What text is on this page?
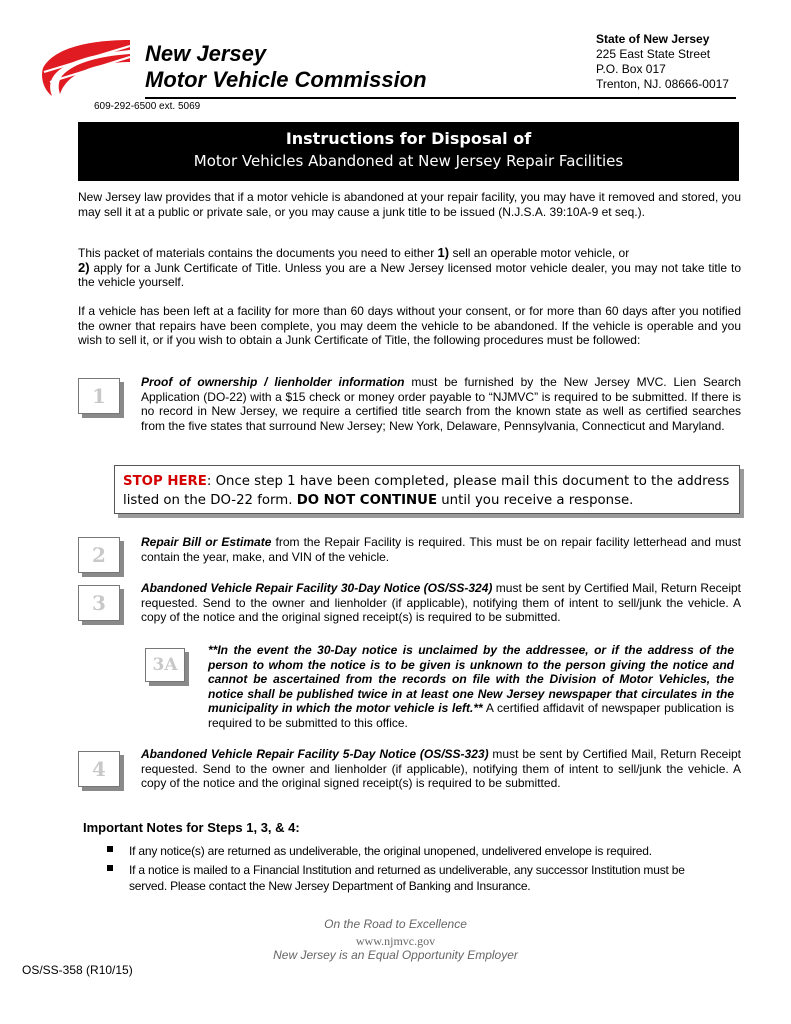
New Jersey
Motor Vehicle Commission
State of New Jersey
225 East State Street
P.O. Box 017
Trenton, NJ. 08666-0017
609-292-6500 ext. 5069
Instructions for Disposal of
Motor Vehicles Abandoned at New Jersey Repair Facilities
New Jersey law provides that if a motor vehicle is abandoned at your repair facility, you may have it removed and stored, you may sell it at a public or private sale, or you may cause a junk title to be issued (N.J.S.A. 39:10A-9 et seq.).
This packet of materials contains the documents you need to either 1) sell an operable motor vehicle, or
2) apply for a Junk Certificate of Title. Unless you are a New Jersey licensed motor vehicle dealer, you may not take title to the vehicle yourself.
If a vehicle has been left at a facility for more than 60 days without your consent, or for more than 60 days after you notified the owner that repairs have been complete, you may deem the vehicle to be abandoned. If the vehicle is operable and you wish to sell it, or if you wish to obtain a Junk Certificate of Title, the following procedures must be followed:
1
Proof of ownership / lienholder information must be furnished by the New Jersey MVC. Lien Search Application (DO-22) with a $15 check or money order payable to “NJMVC” is required to be submitted. If there is no record in New Jersey, we require a certified title search from the known state as well as certified searches from the five states that surround New Jersey; New York, Delaware, Pennsylvania, Connecticut and Maryland.
STOP HERE: Once step 1 have been completed, please mail this document to the address listed on the DO-22 form. DO NOT CONTINUE until you receive a response.
2
Repair Bill or Estimate from the Repair Facility is required. This must be on repair facility letterhead and must contain the year, make, and VIN of the vehicle.
3
Abandoned Vehicle Repair Facility 30-Day Notice (OS/SS-324) must be sent by Certified Mail, Return Receipt requested. Send to the owner and lienholder (if applicable), notifying them of intent to sell/junk the vehicle. A copy of the notice and the original signed receipt(s) is required to be submitted.
3A
**In the event the 30-Day notice is unclaimed by the addressee, or if the address of the person to whom the notice is to be given is unknown to the person giving the notice and cannot be ascertained from the records on file with the Division of Motor Vehicles, the notice shall be published twice in at least one New Jersey newspaper that circulates in the municipality in which the motor vehicle is left.** A certified affidavit of newspaper publication is required to be submitted to this office.
4
Abandoned Vehicle Repair Facility 5-Day Notice (OS/SS-323) must be sent by Certified Mail, Return Receipt requested. Send to the owner and lienholder (if applicable), notifying them of intent to sell/junk the vehicle. A copy of the notice and the original signed receipt(s) is required to be submitted.
Important Notes for Steps 1, 3, & 4:
If any notice(s) are returned as undeliverable, the original unopened, undelivered envelope is required.
If a notice is mailed to a Financial Institution and returned as undeliverable, any successor Institution must be served. Please contact the New Jersey Department of Banking and Insurance.
On the Road to Excellence
www.njmvc.gov
New Jersey is an Equal Opportunity Employer
OS/SS-358 (R10/15)
